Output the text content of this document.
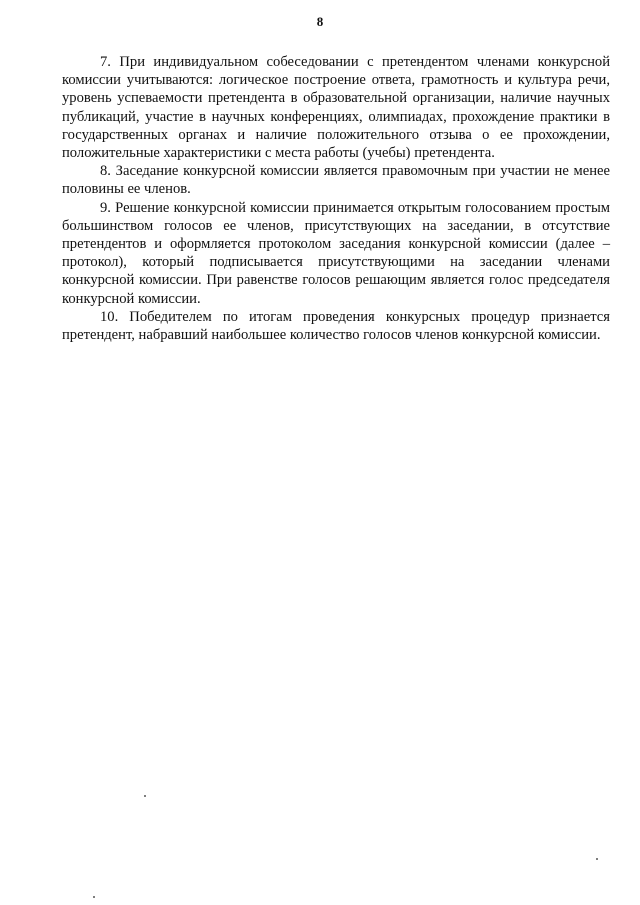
8

7. При индивидуальном собеседовании с претендентом членами конкурсной комиссии учитываются: логическое построение ответа, грамотность и культура речи, уровень успеваемости претендента в образовательной организации, наличие научных публикаций, участие в научных конференциях, олимпиадах, прохождение практики в государственных органах и наличие положительного отзыва о ее прохождении, положительные характеристики с места работы (учебы) претендента.

8. Заседание конкурсной комиссии является правомочным при участии не менее половины ее членов.

9. Решение конкурсной комиссии принимается открытым голосованием простым большинством голосов ее членов, присутствующих на заседании, в отсутствие претендентов и оформляется протоколом заседания конкурсной комиссии (далее – протокол), который подписывается присутствующими на заседании членами конкурсной комиссии. При равенстве голосов решающим является голос председателя конкурсной комиссии.

10. Победителем по итогам проведения конкурсных процедур признается претендент, набравший наибольшее количество голосов членов конкурсной комиссии.
